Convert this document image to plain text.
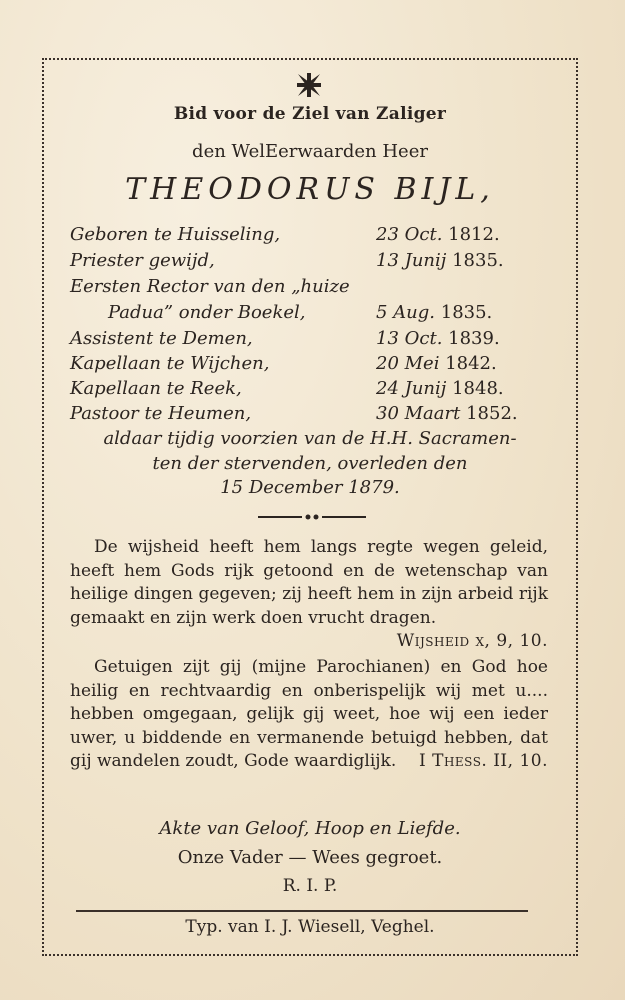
Bid voor de Ziel van Zaliger
den WelEerwaarden Heer
THEODORUS BIJL,
Geboren te Huisseling,	23 Oct. 1812.
Priester gewijd,	13 Junij 1835.
Eersten Rector van den „huize
Padua” onder Boekel,	5 Aug. 1835.
Assistent te Demen,	13 Oct. 1839.
Kapellaan te Wijchen,	20 Mei 1842.
Kapellaan te Reek,	24 Junij 1848.
Pastoor te Heumen,	30 Maart 1852.
aldaar tijdig voorzien van de H.H. Sacramen-
ten der stervenden, overleden den
15 December 1879.

De wijsheid heeft hem langs regte wegen geleid, heeft hem Gods rijk getoond en de wetenschap van heilige dingen gegeven; zij heeft hem in zijn arbeid rijk gemaakt en zijn werk doen vrucht dragen.
Wijsheid x, 9, 10.

Getuigen zijt gij (mijne Parochianen) en God hoe heilig en rechtvaardig en onberispelijk wij met u.... hebben omgegaan, gelijk gij weet, hoe wij een ieder uwer, u biddende en vermanende betuigd hebben, dat gij wandelen zoudt, Gode waardiglijk. I Thess. II, 10.

Akte van Geloof, Hoop en Liefde.
Onze Vader — Wees gegroet.
R. I. P.
Typ. van I. J. Wiesell, Veghel.
